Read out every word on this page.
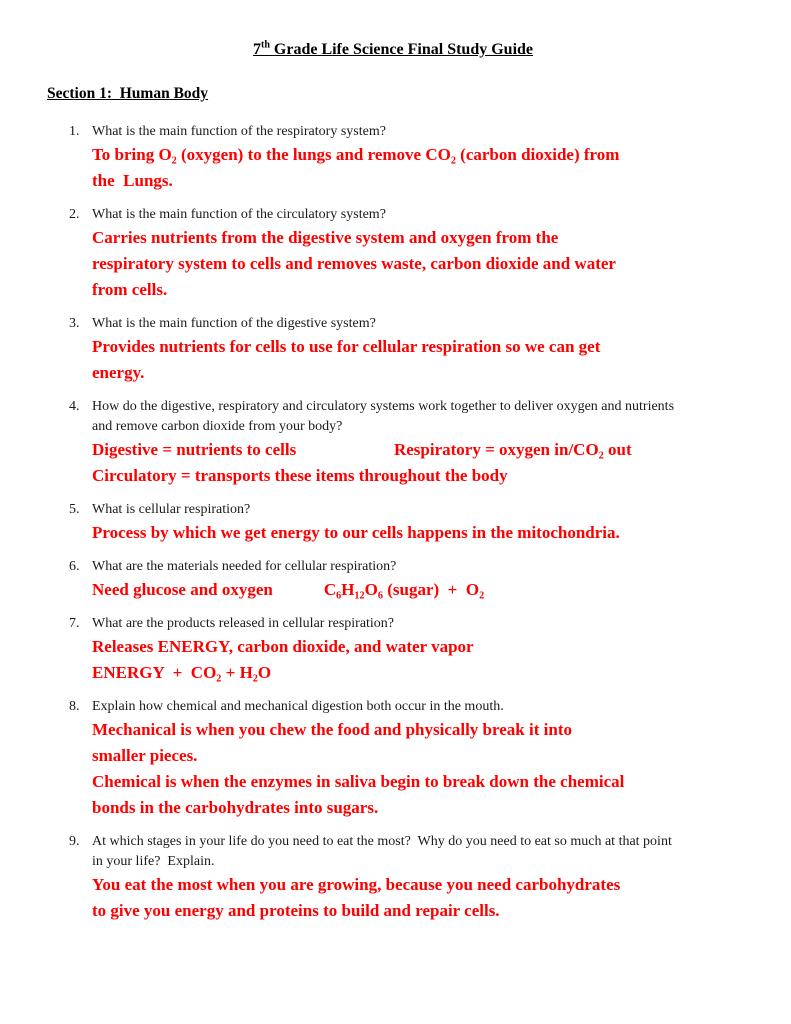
7th Grade Life Science Final Study Guide
Section 1:  Human Body
1. What is the main function of the respiratory system?
To bring O₂ (oxygen) to the lungs and remove CO₂ (carbon dioxide) from
the  Lungs.
2. What is the main function of the circulatory system?
Carries nutrients from the digestive system and oxygen from the
respiratory system to cells and removes waste, carbon dioxide and water
from cells.
3. What is the main function of the digestive system?
Provides nutrients for cells to use for cellular respiration so we can get
energy.
4. How do the digestive, respiratory and circulatory systems work together to deliver oxygen and nutrients
and remove carbon dioxide from your body?
Digestive = nutrients to cells                       Respiratory = oxygen in/CO₂ out
Circulatory = transports these items throughout the body
5. What is cellular respiration?
Process by which we get energy to our cells happens in the mitochondria.
6. What are the materials needed for cellular respiration?
Need glucose and oxygen            C₆H₁₂O₆ (sugar)  +  O₂
7. What are the products released in cellular respiration?
Releases ENERGY, carbon dioxide, and water vapor
ENERGY  +  CO₂ + H₂O
8. Explain how chemical and mechanical digestion both occur in the mouth.
Mechanical is when you chew the food and physically break it into
smaller pieces.
Chemical is when the enzymes in saliva begin to break down the chemical
bonds in the carbohydrates into sugars.
9. At which stages in your life do you need to eat the most?  Why do you need to eat so much at that point
in your life?  Explain.
You eat the most when you are growing, because you need carbohydrates
to give you energy and proteins to build and repair cells.
